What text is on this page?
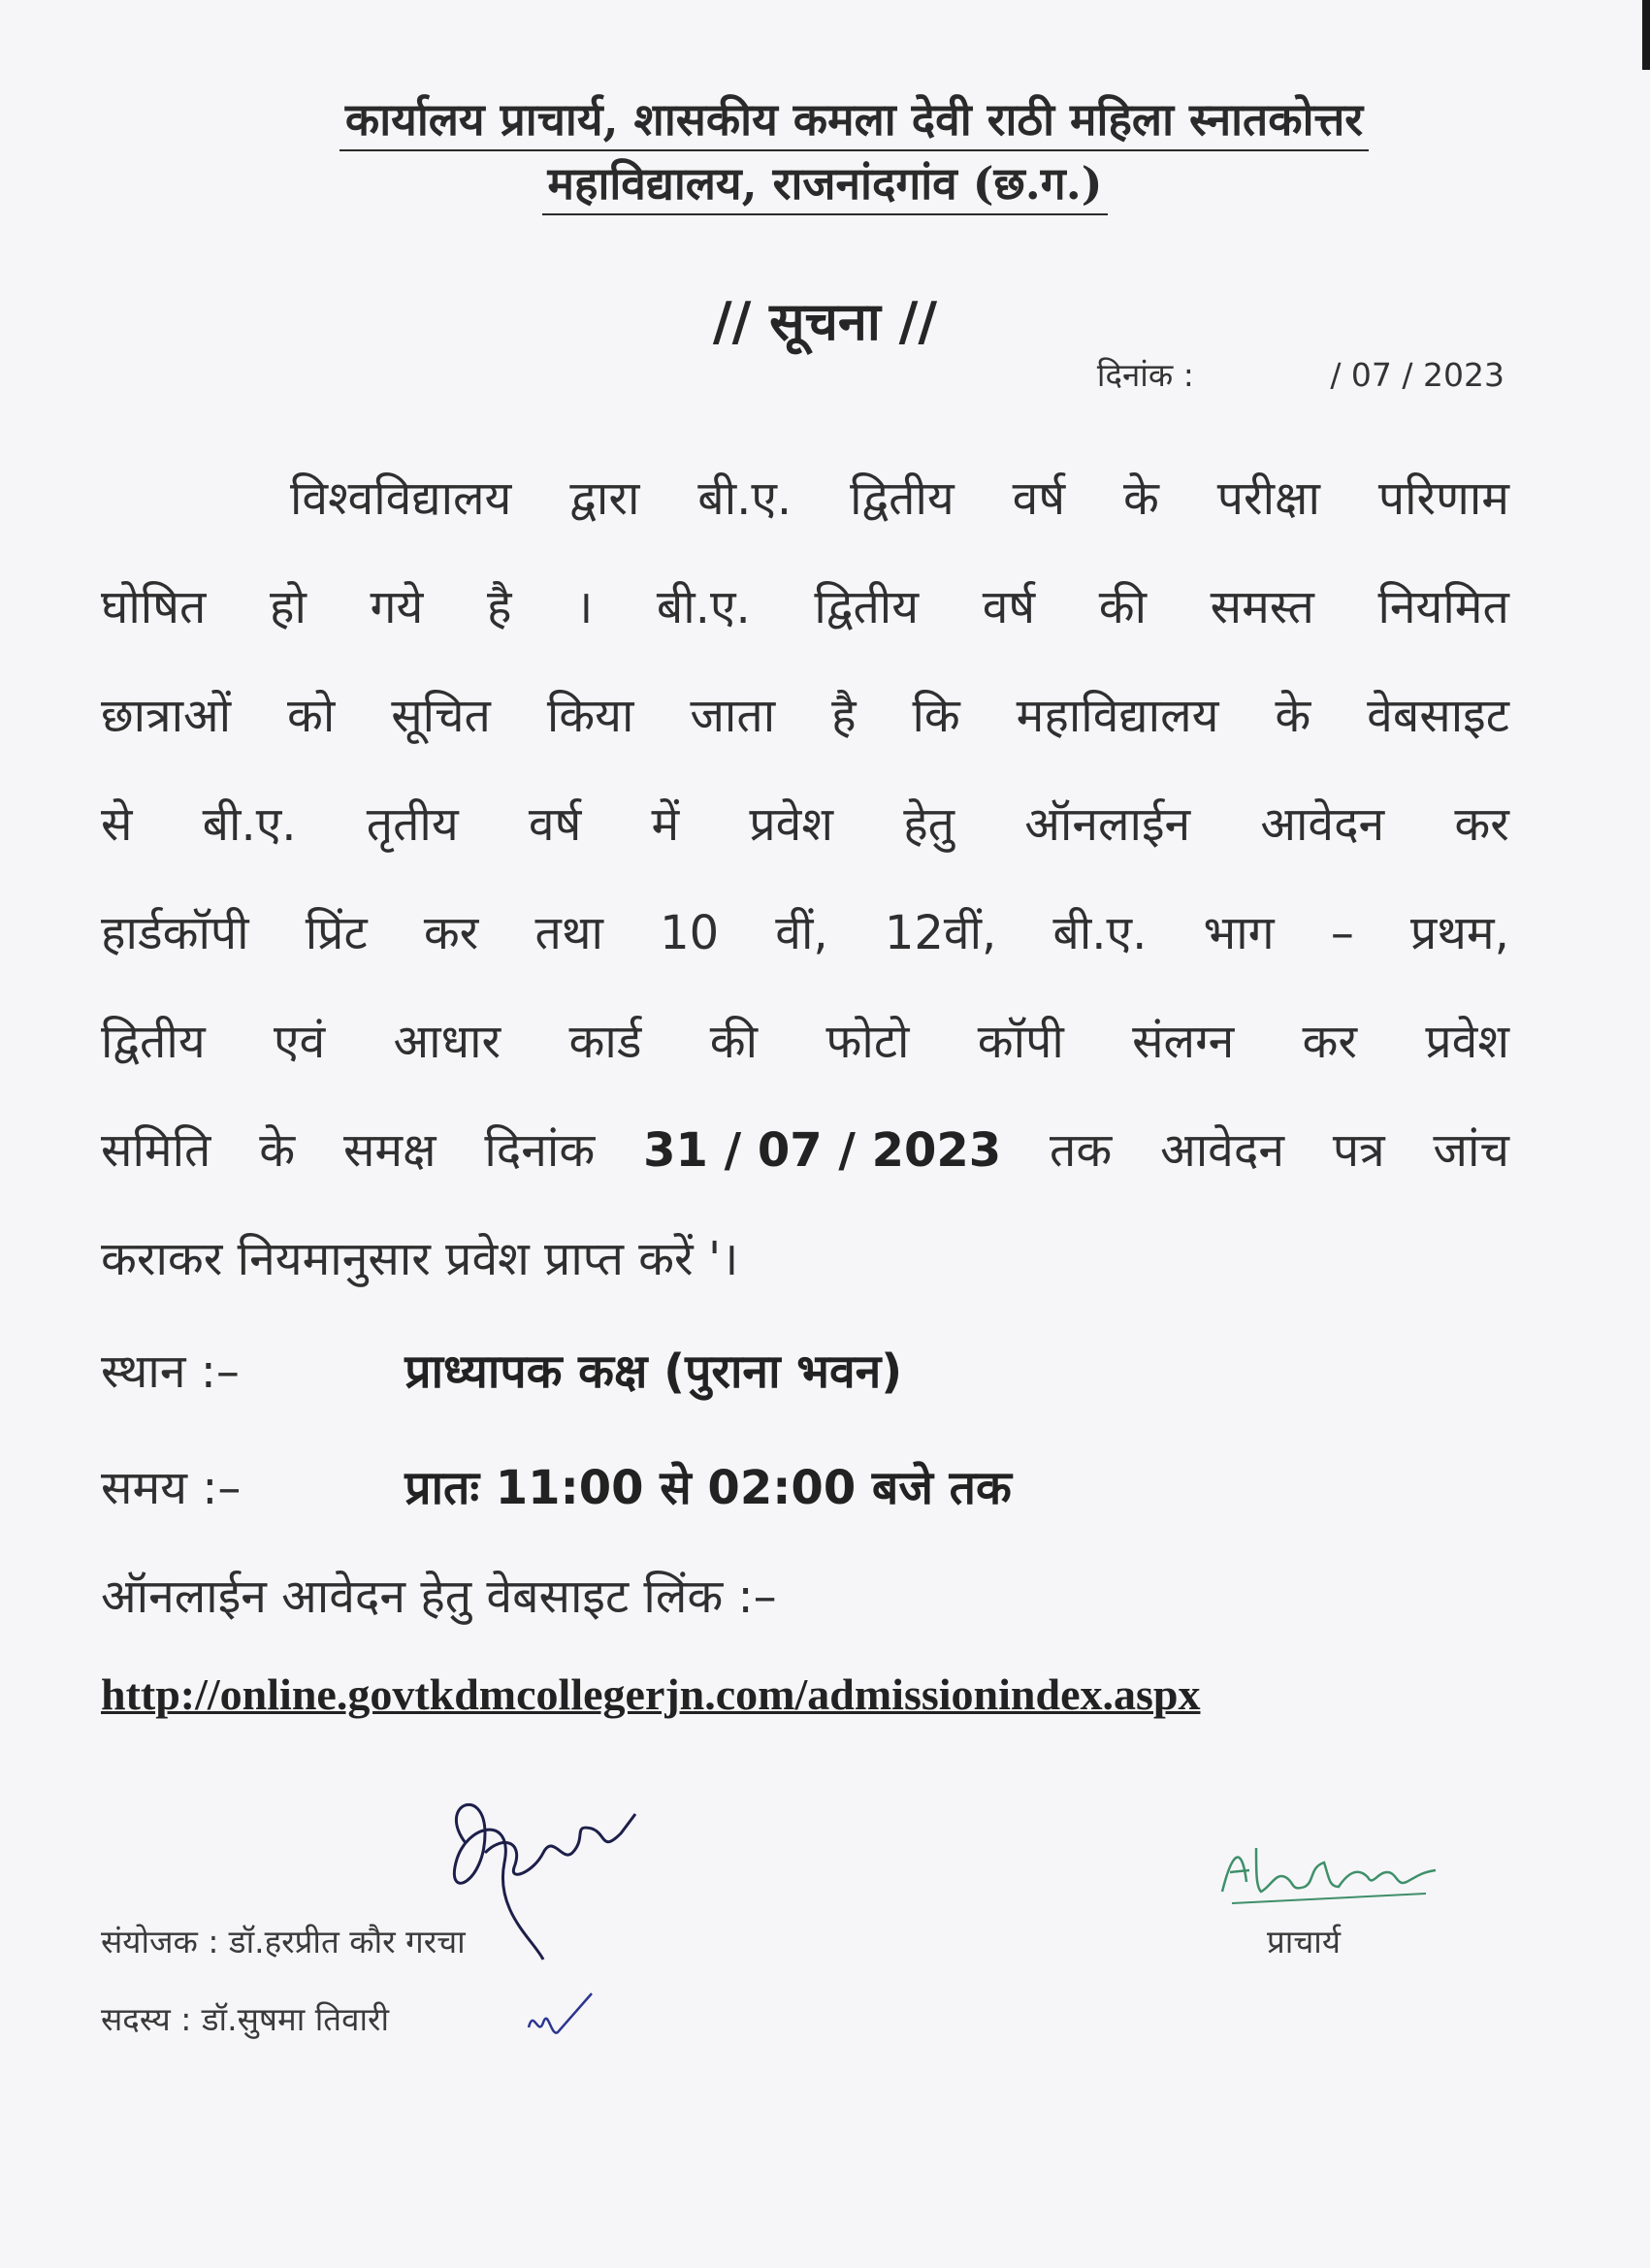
कार्यालय प्राचार्य, शासकीय कमला देवी राठी महिला स्नातकोत्तर
महाविद्यालय, राजनांदगांव (छ.ग.)
// सूचना //
दिनांक :	/ 07 / 2023
विश्वविद्यालय द्वारा बी.ए. द्वितीय वर्ष के परीक्षा परिणाम
घोषित हो गये है । बी.ए. द्वितीय वर्ष की समस्त नियमित
छात्राओं को सूचित किया जाता है कि महाविद्यालय के वेबसाइट
से बी.ए. तृतीय वर्ष में प्रवेश हेतु ऑनलाईन आवेदन कर
हार्डकॉपी प्रिंट कर तथा 10 वीं, 12वीं, बी.ए. भाग – प्रथम,
द्वितीय एवं आधार कार्ड की फोटो कॉपी संलग्न कर प्रवेश
समिति के समक्ष दिनांक 31 / 07 / 2023 तक आवेदन पत्र जांच
कराकर नियमानुसार प्रवेश प्राप्त करें '।
स्थान :–	प्राध्यापक कक्ष (पुराना भवन)
समय :–	प्रातः 11:00 से 02:00 बजे तक
ऑनलाईन आवेदन हेतु वेबसाइट लिंक :–
http://online.govtkdmcollegerjn.com/admissionindex.aspx
संयोजक : डॉ.हरप्रीत कौर गरचा
सदस्य : डॉ.सुषमा तिवारी
प्राचार्य
